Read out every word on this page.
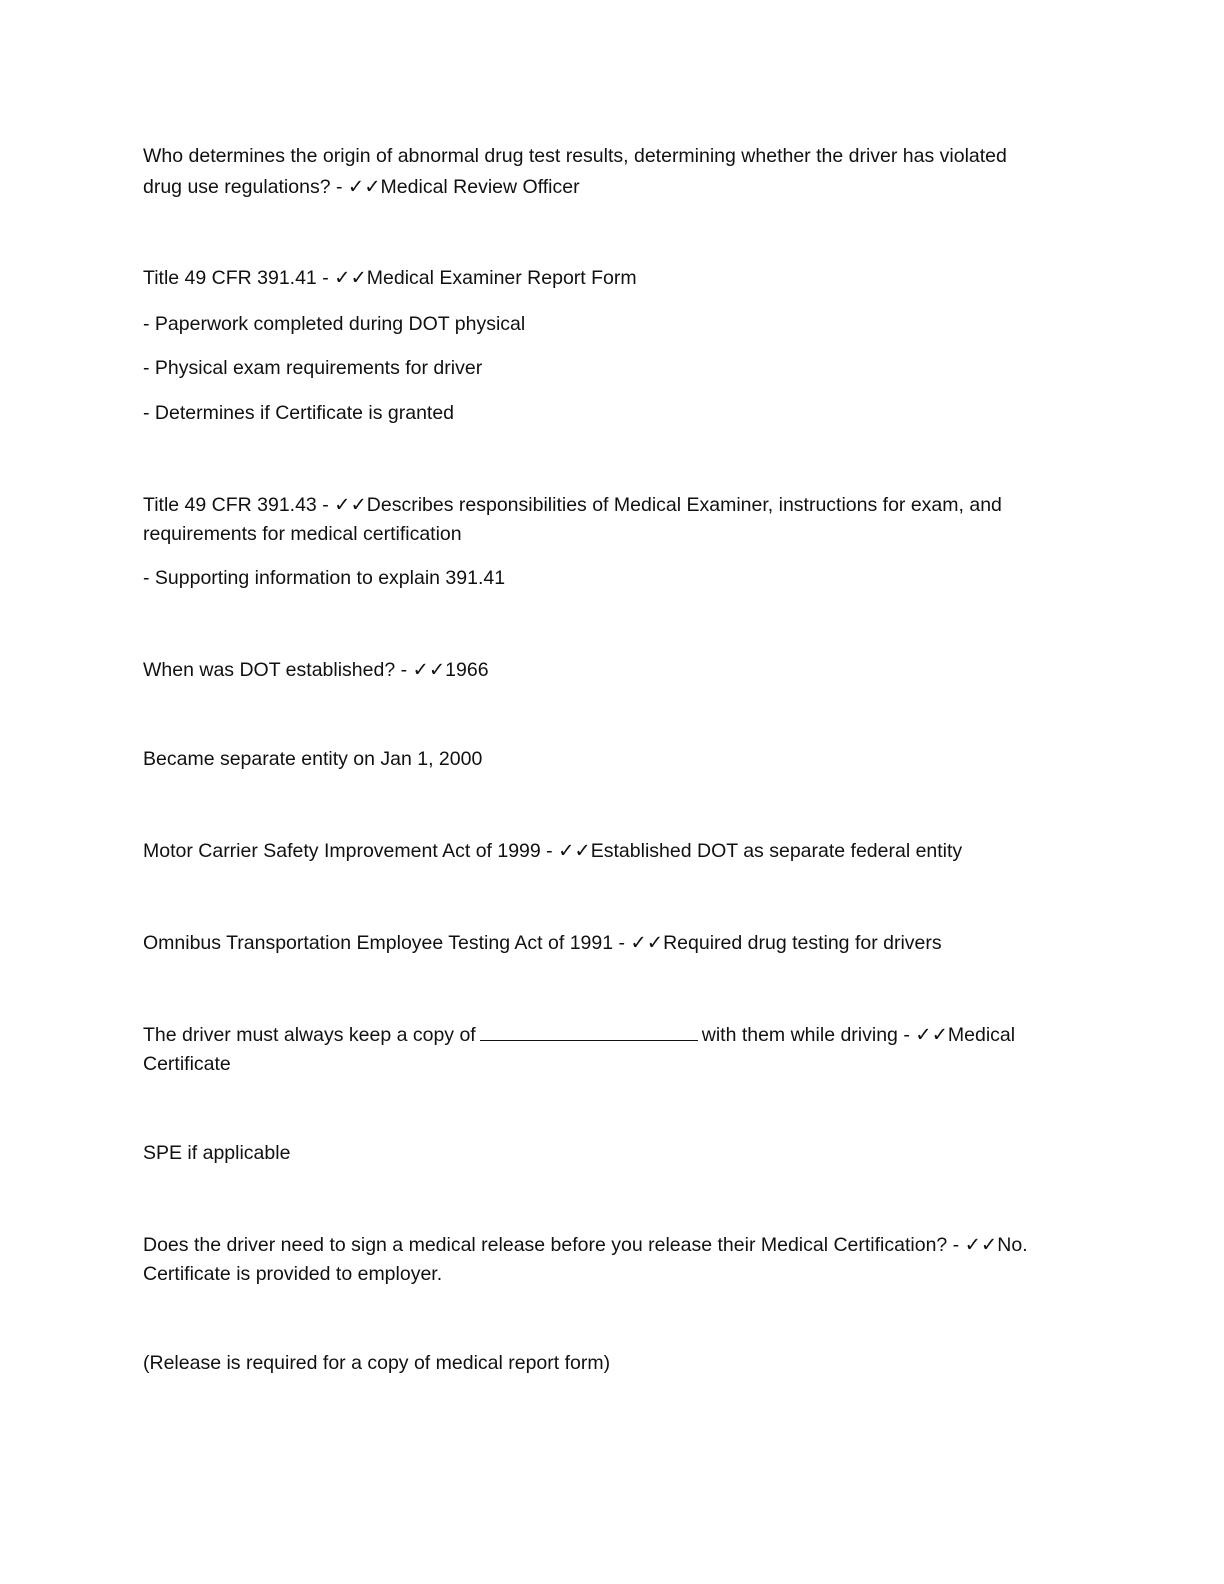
Who determines the origin of abnormal drug test results, determining whether the driver has violated
drug use regulations? - ✓✓Medical Review Officer
Title 49 CFR 391.41 - ✓✓Medical Examiner Report Form
- Paperwork completed during DOT physical
- Physical exam requirements for driver
- Determines if Certificate is granted
Title 49 CFR 391.43 - ✓✓Describes responsibilities of Medical Examiner, instructions for exam, and
requirements for medical certification
- Supporting information to explain 391.41
When was DOT established? - ✓✓1966
Became separate entity on Jan 1, 2000
Motor Carrier Safety Improvement Act of 1999 - ✓✓Established DOT as separate federal entity
Omnibus Transportation Employee Testing Act of 1991 - ✓✓Required drug testing for drivers
The driver must always keep a copy of	with them while driving - ✓✓Medical
Certificate
SPE if applicable
Does the driver need to sign a medical release before you release their Medical Certification? - ✓✓No.
Certificate is provided to employer.
(Release is required for a copy of medical report form)
